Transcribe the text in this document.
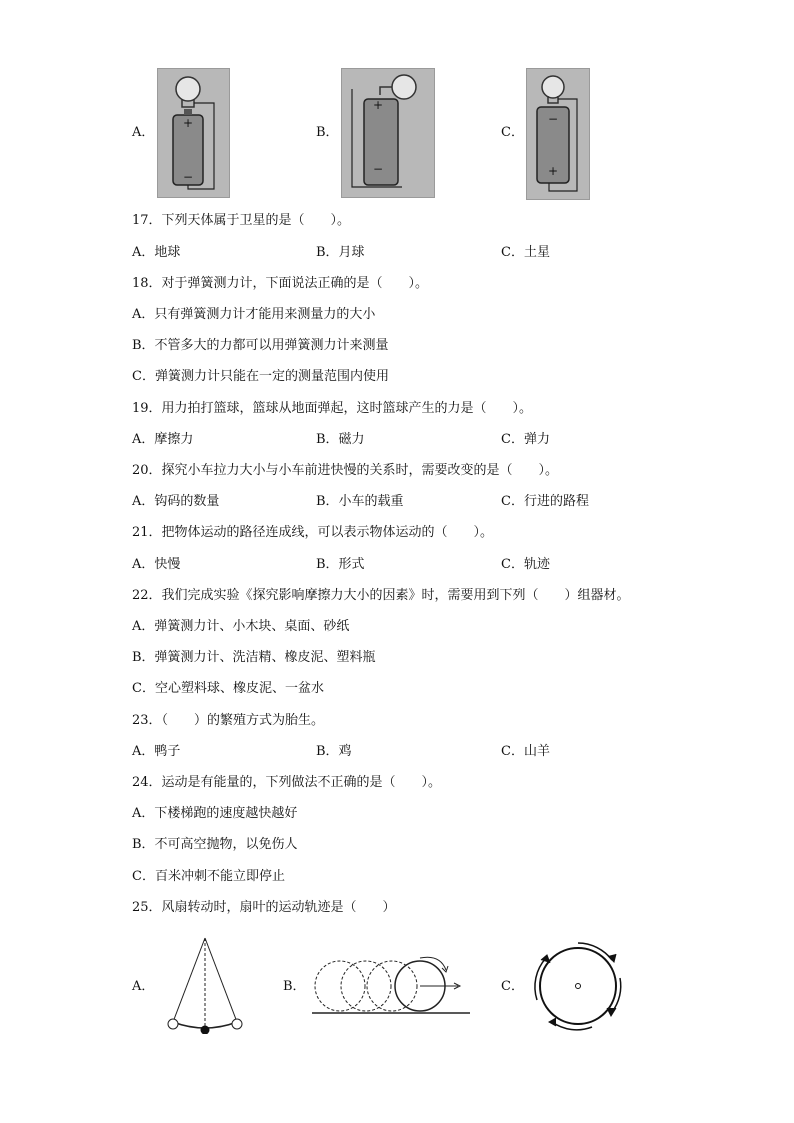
A．
+
−
B．
+
−
C．
−
+
17．下列天体属于卫星的是（　　）。
A．地球	B．月球	C．土星
18．对于弹簧测力计，下面说法正确的是（　　）。
A．只有弹簧测力计才能用来测量力的大小
B．不管多大的力都可以用弹簧测力计来测量
C．弹簧测力计只能在一定的测量范围内使用
19．用力拍打篮球，篮球从地面弹起，这时篮球产生的力是（　　）。
A．摩擦力	B．磁力	C．弹力
20．探究小车拉力大小与小车前进快慢的关系时，需要改变的是（　　）。
A．钩码的数量	B．小车的载重	C．行进的路程
21．把物体运动的路径连成线，可以表示物体运动的（　　）。
A．快慢	B．形式	C．轨迹
22．我们完成实验《探究影响摩擦力大小的因素》时，需要用到下列（　　）组器材。
A．弹簧测力计、小木块、桌面、砂纸
B．弹簧测力计、洗洁精、橡皮泥、塑料瓶
C．空心塑料球、橡皮泥、一盆水
23．（　　）的繁殖方式为胎生。
A．鸭子	B．鸡	C．山羊
24．运动是有能量的，下列做法不正确的是（　　）。
A．下楼梯跑的速度越快越好
B．不可高空抛物，以免伤人
C．百米冲刺不能立即停止
25．风扇转动时，扇叶的运动轨迹是（　　）
A．	B．	C．
